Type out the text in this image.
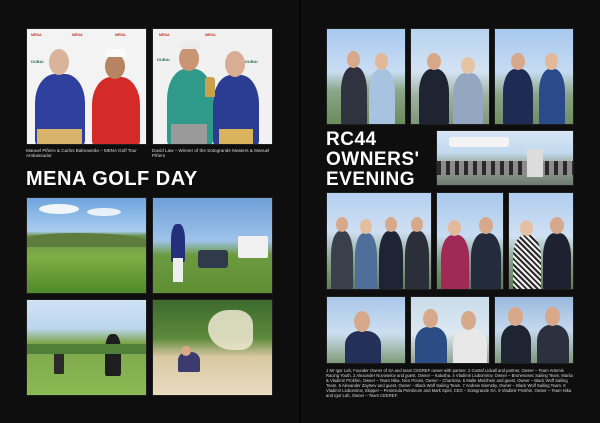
MENA	MENA	MENA
DUBAI
MENA	MENA
DUBAI	DUBAI
Manuel Piñero & Carlos Balmaseda – MENA Golf Tour Ambassador
David Law – Winner of the Sotogrande Masters & Manuel Piñero
MENA GOLF DAY
RC44
OWNERS'
EVENING
1 Mr Igor Lah, Founder Owner of SA and team CEEREF owner with partner. 2 Gustaf Lidvall and partner, Owner – Team Artemis Racing Youth. 2 Alexander Novoselov and guest, Owner – Katusha. 4 Vladimir Liubomirov, Owner – Bronenosec Sailing Team, Mariia & Vladimir Prokhin, Owner – Team Nika, Nico Poons, Owner – Charisma. 5 Malte Mielzhein and guest, Owner – Black Wolf Sailing Team. 6 Alexander Zaytsev and guest, Owner – Black Wolf Sailing Team. 7 Andrew Siemsby, Owner – Black Wolf Sailing Team. 8 Vladimir Liubomirov, Skipper – Peninsula Petroleum and Mark Spinl, CEO – Sotogrande SA. 9 Vladimir Prokhin, Owner – Team Nika and Igor Lah, Owner – Team CEEREF.
